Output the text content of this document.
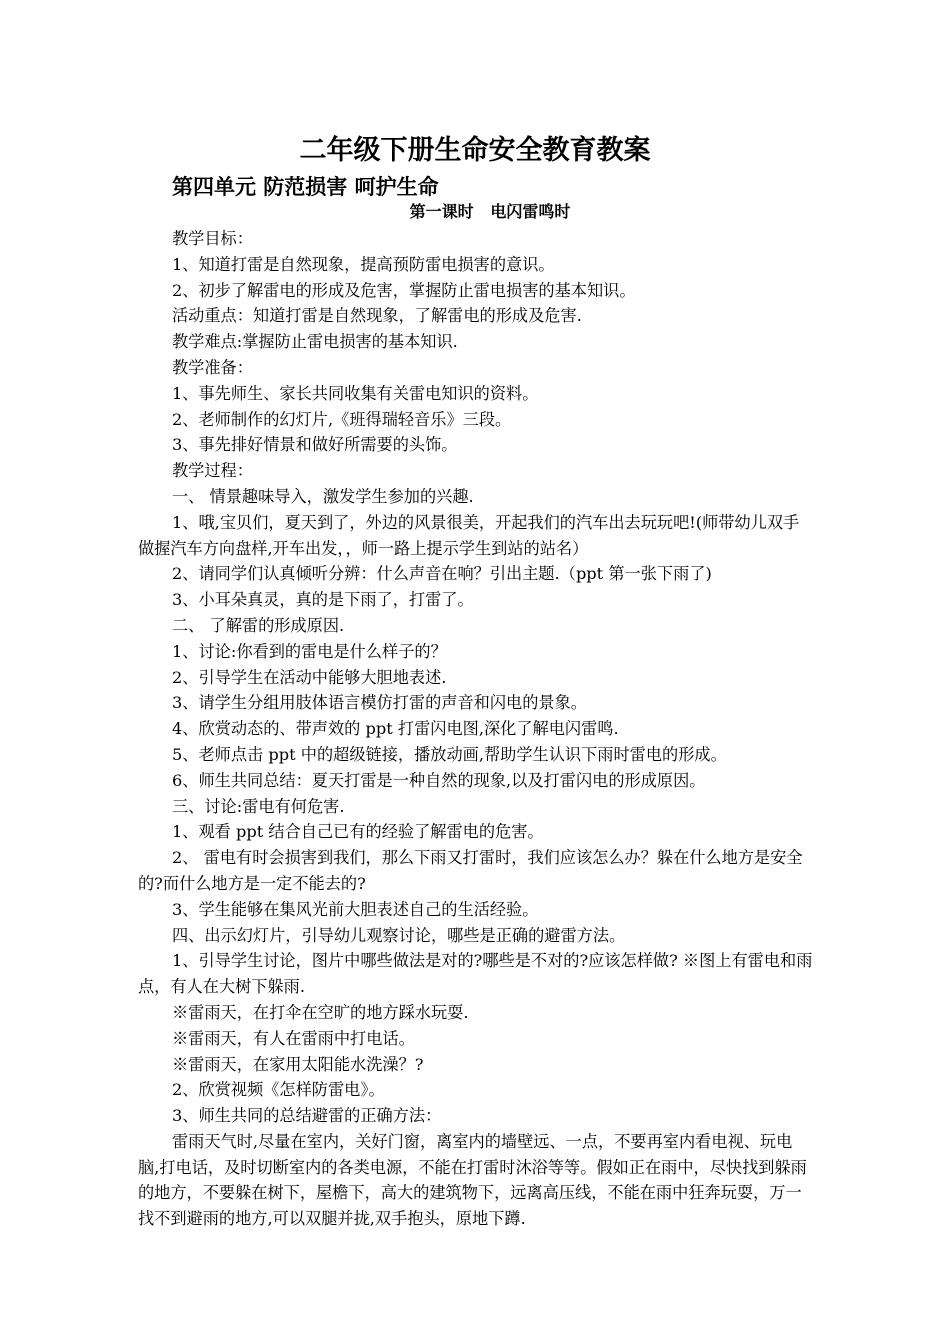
二年级下册生命安全教育教案
第四单元 防范损害 呵护生命
第一课时   电闪雷鸣时

教学目标：

1、知道打雷是自然现象，提高预防雷电损害的意识。

2、初步了解雷电的形成及危害，掌握防止雷电损害的基本知识。

活动重点：知道打雷是自然现象，了解雷电的形成及危害.

教学难点:掌握防止雷电损害的基本知识.

教学准备：

1、事先师生、家长共同收集有关雷电知识的资料。

2、老师制作的幻灯片,《班得瑞轻音乐》三段。

3、事先排好情景和做好所需要的头饰。

教学过程：

一、 情景趣味导入，激发学生参加的兴趣.

1、哦,宝贝们，夏天到了，外边的风景很美，开起我们的汽车出去玩玩吧!(师带幼儿双手做握汽车方向盘样,开车出发，，师一路上提示学生到站的站名）

2、请同学们认真倾听分辨：什么声音在响？引出主题.（ppt 第一张下雨了)

3、小耳朵真灵，真的是下雨了，打雷了。

二、 了解雷的形成原因.

1、讨论:你看到的雷电是什么样子的？

2、引导学生在活动中能够大胆地表述.

3、请学生分组用肢体语言模仿打雷的声音和闪电的景象。

4、欣赏动态的、带声效的 ppt 打雷闪电图,深化了解电闪雷鸣.

5、老师点击 ppt 中的超级链接，播放动画,帮助学生认识下雨时雷电的形成。

6、师生共同总结：夏天打雷是一种自然的现象,以及打雷闪电的形成原因。

三、讨论:雷电有何危害.

1、观看 ppt 结合自己已有的经验了解雷电的危害。

2、 雷电有时会损害到我们，那么下雨又打雷时，我们应该怎么办？躲在什么地方是安全的?而什么地方是一定不能去的?

3、学生能够在集风光前大胆表述自己的生活经验。

四、出示幻灯片，引导幼儿观察讨论，哪些是正确的避雷方法。

1、引导学生讨论，图片中哪些做法是对的?哪些是不对的?应该怎样做? ※图上有雷电和雨点，有人在大树下躲雨.

※雷雨天，在打伞在空旷的地方踩水玩耍.

※雷雨天，有人在雷雨中打电话。

※雷雨天，在家用太阳能水洗澡？?

2、欣赏视频《怎样防雷电》。

3、师生共同的总结避雷的正确方法：

雷雨天气时,尽量在室内，关好门窗，离室内的墙壁远、一点，不要再室内看电视、玩电脑,打电话，及时切断室内的各类电源，不能在打雷时沐浴等等。假如正在雨中，尽快找到躲雨的地方，不要躲在树下，屋檐下，高大的建筑物下，远离高压线，不能在雨中狂奔玩耍，万一找不到避雨的地方,可以双腿并拢,双手抱头，原地下蹲.
